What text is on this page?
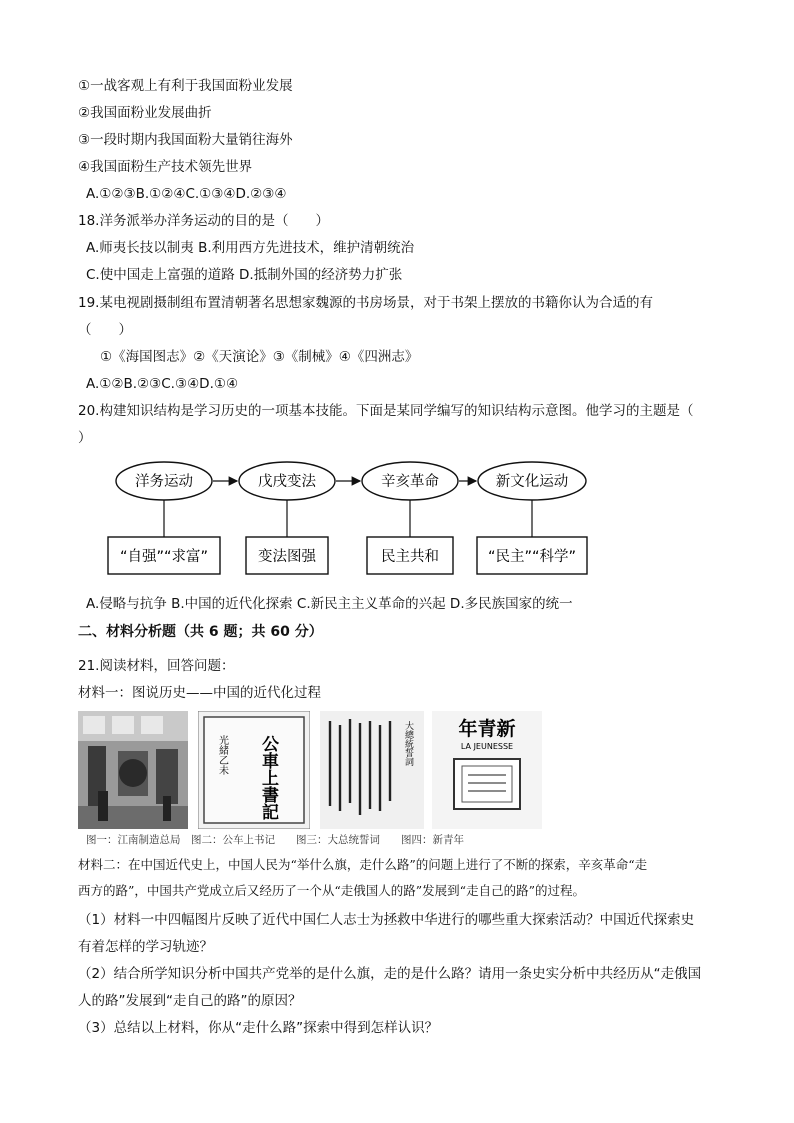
①一战客观上有利于我国面粉业发展
②我国面粉业发展曲折
③一段时期内我国面粉大量销往海外
④我国面粉生产技术领先世界
A.①②③B.①②④C.①③④D.②③④
18.洋务派举办洋务运动的目的是（　　）
A.师夷长技以制夷 B.利用西方先进技术，维护清朝统治
C.使中国走上富强的道路 D.抵制外国的经济势力扩张
19.某电视剧摄制组布置清朝著名思想家魏源的书房场景，对于书架上摆放的书籍你认为合适的有
（　　）
①《海国图志》②《天演论》③《制械》④《四洲志》
A.①②B.②③C.③④D.①④
20.构建知识结构是学习历史的一项基本技能。下面是某同学编写的知识结构示意图。他学习的主题是（
）
洋务运动	戊戌变法	辛亥革命	新文化运动
“自强”“求富”	变法图强	民主共和	“民主”“科学”
A.侵略与抗争 B.中国的近代化探索 C.新民主主义革命的兴起 D.多民族国家的统一
二、材料分析题（共 6 题；共 60 分）
21.阅读材料，回答问题：
材料一：图说历史——中国的近代化过程
光緒乙未 公車上書記	大總統誓詞 年青新
LA JEUNESSE
图一：江南制造总局　图二：公车上书记　　图三：大总统誓词　　图四：新青年
材料二：在中国近代史上，中国人民为“举什么旗，走什么路”的问题上进行了不断的探索，辛亥革命“走
西方的路”，中国共产党成立后又经历了一个从“走俄国人的路”发展到“走自己的路”的过程。
（1）材料一中四幅图片反映了近代中国仁人志士为拯救中华进行的哪些重大探索活动？中国近代探索史
有着怎样的学习轨迹？
（2）结合所学知识分析中国共产党举的是什么旗，走的是什么路？请用一条史实分析中共经历从“走俄国
人的路”发展到“走自己的路”的原因？
（3）总结以上材料，你从“走什么路”探索中得到怎样认识？
